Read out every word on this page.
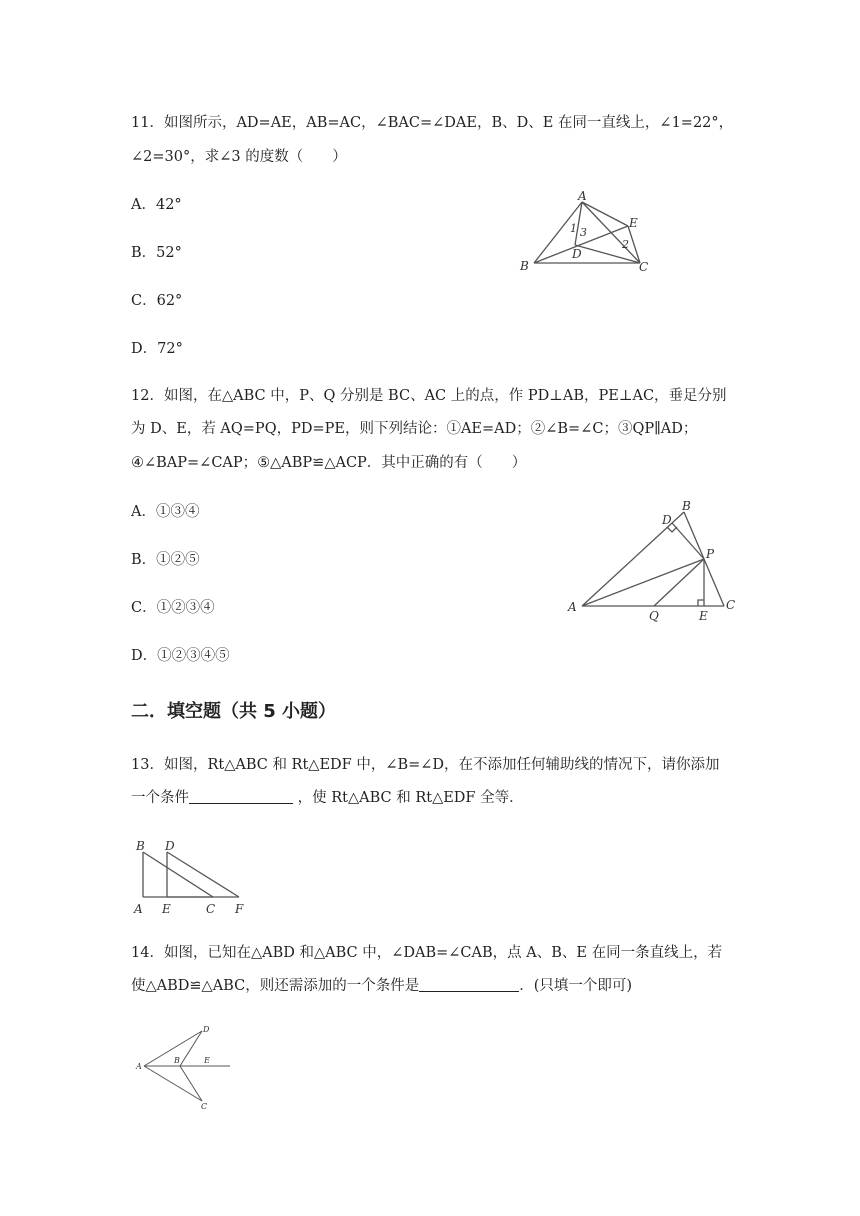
11．如图所示，AD=AE，AB=AC，∠BAC=∠DAE，B、D、E 在同一直线上，∠1=22°，
∠2=30°，求∠3 的度数（　　）
A．42°
B．52°
C．62°
D．72°
A
B	C
D
E
1
2
3
12．如图，在△ABC 中，P、Q 分别是 BC、AC 上的点，作 PD⊥AB，PE⊥AC，垂足分别
为 D、E，若 AQ=PQ，PD=PE，则下列结论：①AE=AD；②∠B=∠C；③QP∥AD；
④∠BAP=∠CAP；⑤△ABP≌△ACP．其中正确的有（　　）
A．①③④
B．①②⑤
C．①②③④
D．①②③④⑤
A
B
C
D
E
P
Q
二．填空题（共 5 小题）
13．如图，Rt△ABC 和 Rt△EDF 中，∠B=∠D，在不添加任何辅助线的情况下，请你添加
一个条件	，使 Rt△ABC 和 Rt△EDF 全等．
B D
A E	C F
14．如图，已知在△ABD 和△ABC 中，∠DAB=∠CAB，点 A、B、E 在同一条直线上，若
使△ABD≌△ABC，则还需添加的一个条件是	．(只填一个即可)
A
B	E
D
C
